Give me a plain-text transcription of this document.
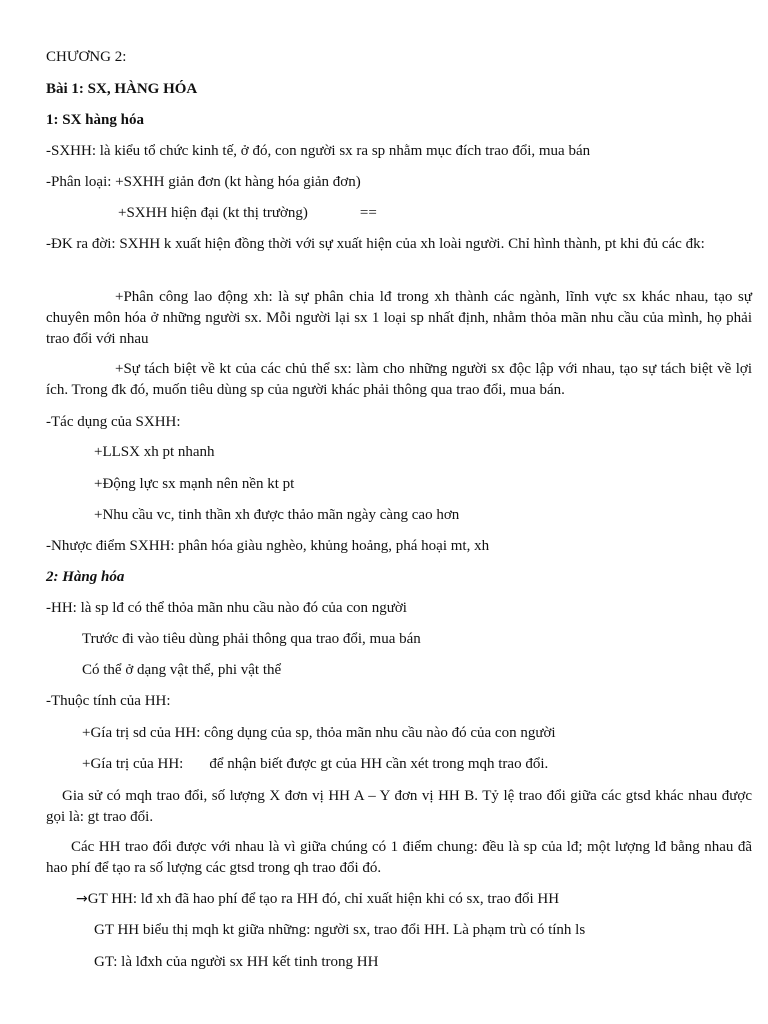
CHƯƠNG 2:
Bài 1: SX, HÀNG HÓA
1: SX hàng hóa
-SXHH: là kiểu tổ chức kinh tế, ở đó, con người sx ra sp nhằm mục đích trao đổi, mua bán
-Phân loại: +SXHH giản đơn (kt hàng hóa giản đơn)
+SXHH hiện đại (kt thị trường)	==
-ĐK ra đời: SXHH k xuất hiện đồng thời với sự xuất hiện của xh loài người. Chỉ hình thành, pt khi đủ các đk:
+Phân công lao động xh: là sự phân chia lđ trong xh thành các ngành, lĩnh vực sx khác nhau, tạo sự chuyên môn hóa ở những người sx. Mỗi người lại sx 1 loại sp nhất định, nhằm thỏa mãn nhu cầu của mình, họ phải trao đổi với nhau
+Sự tách biệt về kt của các chủ thể sx: làm cho những người sx độc lập với nhau, tạo sự tách biệt về lợi ích. Trong đk đó, muốn tiêu dùng sp của người khác phải thông qua trao đổi, mua bán.
-Tác dụng của SXHH:
+LLSX xh pt nhanh
+Động lực sx mạnh nên nền kt pt
+Nhu cầu vc, tinh thần xh được thảo mãn ngày càng cao hơn
-Nhược điểm SXHH: phân hóa giàu nghèo, khủng hoảng, phá hoại mt, xh
2: Hàng hóa
-HH: là sp lđ có thể thỏa mãn nhu cầu nào đó của con người
Trước đi vào tiêu dùng phải thông qua trao đổi, mua bán
Có thể ở dạng vật thể, phi vật thể
-Thuộc tính của HH:
+Gía trị sd của HH: công dụng của sp, thỏa mãn nhu cầu nào đó của con người
+Gía trị của HH: để nhận biết được gt của HH cần xét trong mqh trao đổi.
Gia sử có mqh trao đổi, số lượng X đơn vị HH A – Y đơn vị HH B. Tỷ lệ trao đổi giữa các gtsd khác nhau được gọi là: gt trao đổi.
Các HH trao đổi được với nhau là vì giữa chúng có 1 điểm chung: đều là sp của lđ; một lượng lđ bằng nhau đã hao phí để tạo ra số lượng các gtsd trong qh trao đổi đó.
→GT HH: lđ xh đã hao phí để tạo ra HH đó, chỉ xuất hiện khi có sx, trao đổi HH
GT HH biểu thị mqh kt giữa những: người sx, trao đổi HH. Là phạm trù có tính ls
GT: là lđxh của người sx HH kết tinh trong HH
